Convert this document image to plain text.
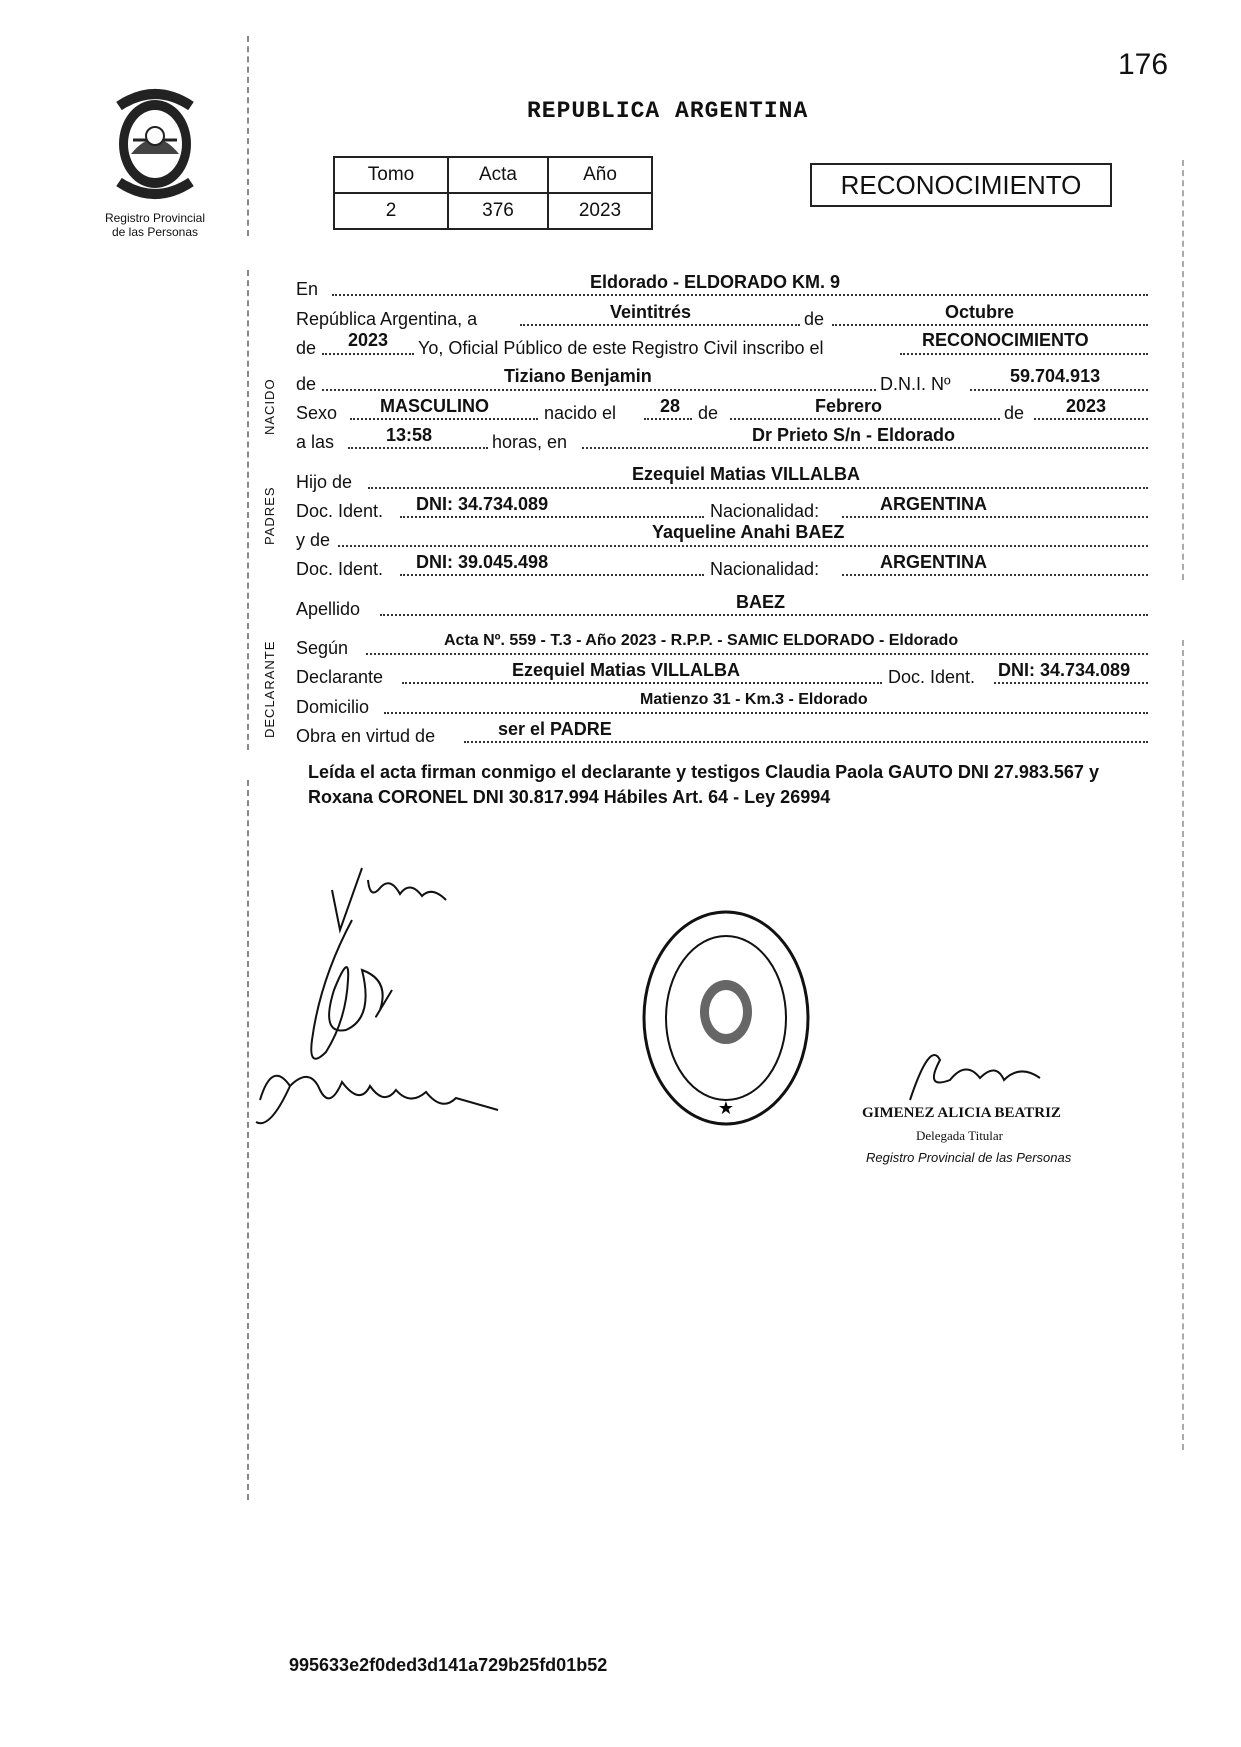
176
Registro Provincial
de las Personas
REPUBLICA ARGENTINA
Tomo	Acta	Año
2	376	2023
RECONOCIMIENTO
NACIDO
PADRES
DECLARANTE
En	Eldorado - ELDORADO KM. 9
República Argentina, a	Veintitrés	de	Octubre
de 2023 Yo, Oficial Público de este Registro Civil inscribo el	RECONOCIMIENTO
de	Tiziano Benjamin	D.N.I. Nº	59.704.913
Sexo MASCULINO	nacido el 28 de	Febrero	de 2023
a las	13:58	horas, en	Dr Prieto S/n - Eldorado
Hijo de	Ezequiel Matias VILLALBA
Doc. Ident. DNI: 34.734.089	Nacionalidad:	ARGENTINA
y de	Yaqueline Anahi BAEZ
Doc. Ident. DNI: 39.045.498	Nacionalidad:	ARGENTINA
Apellido	BAEZ
Según	Acta Nº. 559 - T.3 - Año 2023 - R.P.P. - SAMIC ELDORADO - Eldorado
Declarante	Ezequiel Matias VILLALBA	Doc. Ident. DNI: 34.734.089
Domicilio	Matienzo 31 - Km.3 - Eldorado
Obra en virtud de	ser el PADRE
Leída el acta firman conmigo el declarante y testigos Claudia Paola GAUTO DNI 27.983.567 y Roxana CORONEL DNI 30.817.994 Hábiles Art. 64 - Ley 26994
★	GIMENEZ ALICIA BEATRIZ
Delegada Titular
Registro Provincial de las Personas
995633e2f0ded3d141a729b25fd01b52
